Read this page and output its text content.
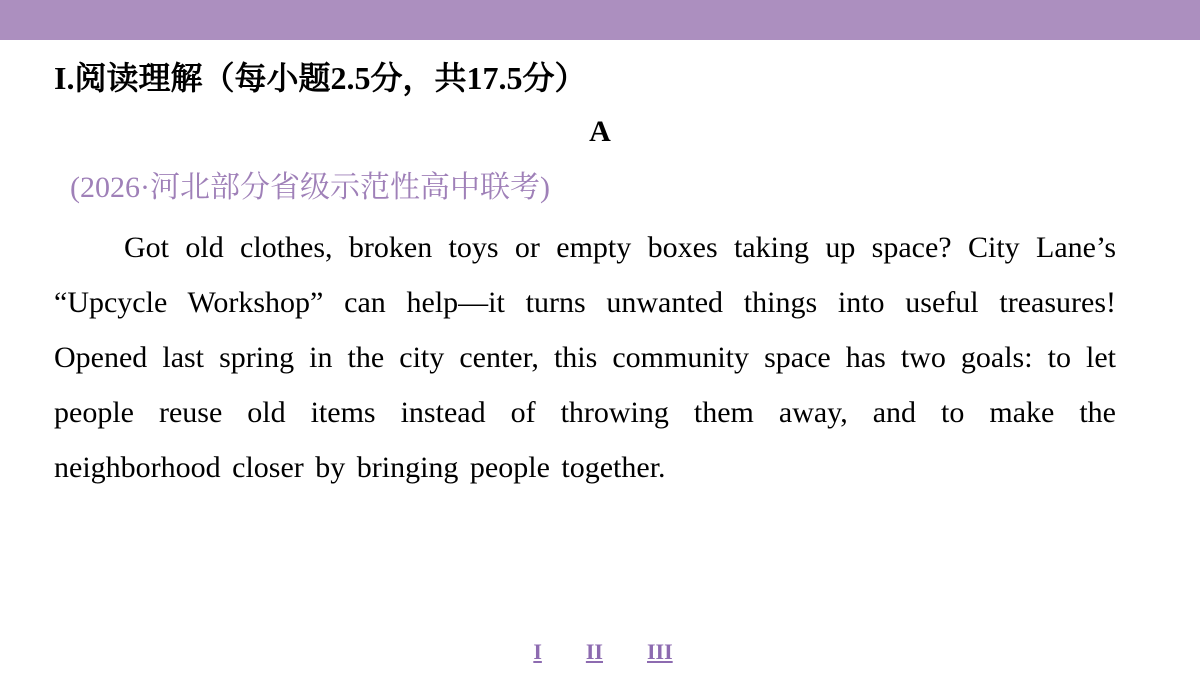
I.阅读理解（每小题2.5分，共17.5分）
A
(2026·河北部分省级示范性高中联考)

Got old clothes, broken toys or empty boxes taking up space? City Lane’s “Upcycle Workshop” can help—it turns unwanted things into useful treasures! Opened last spring in the city center, this community space has two goals: to let people reuse old items instead of throwing them away, and to make the neighborhood closer by bringing people together.

I II III
